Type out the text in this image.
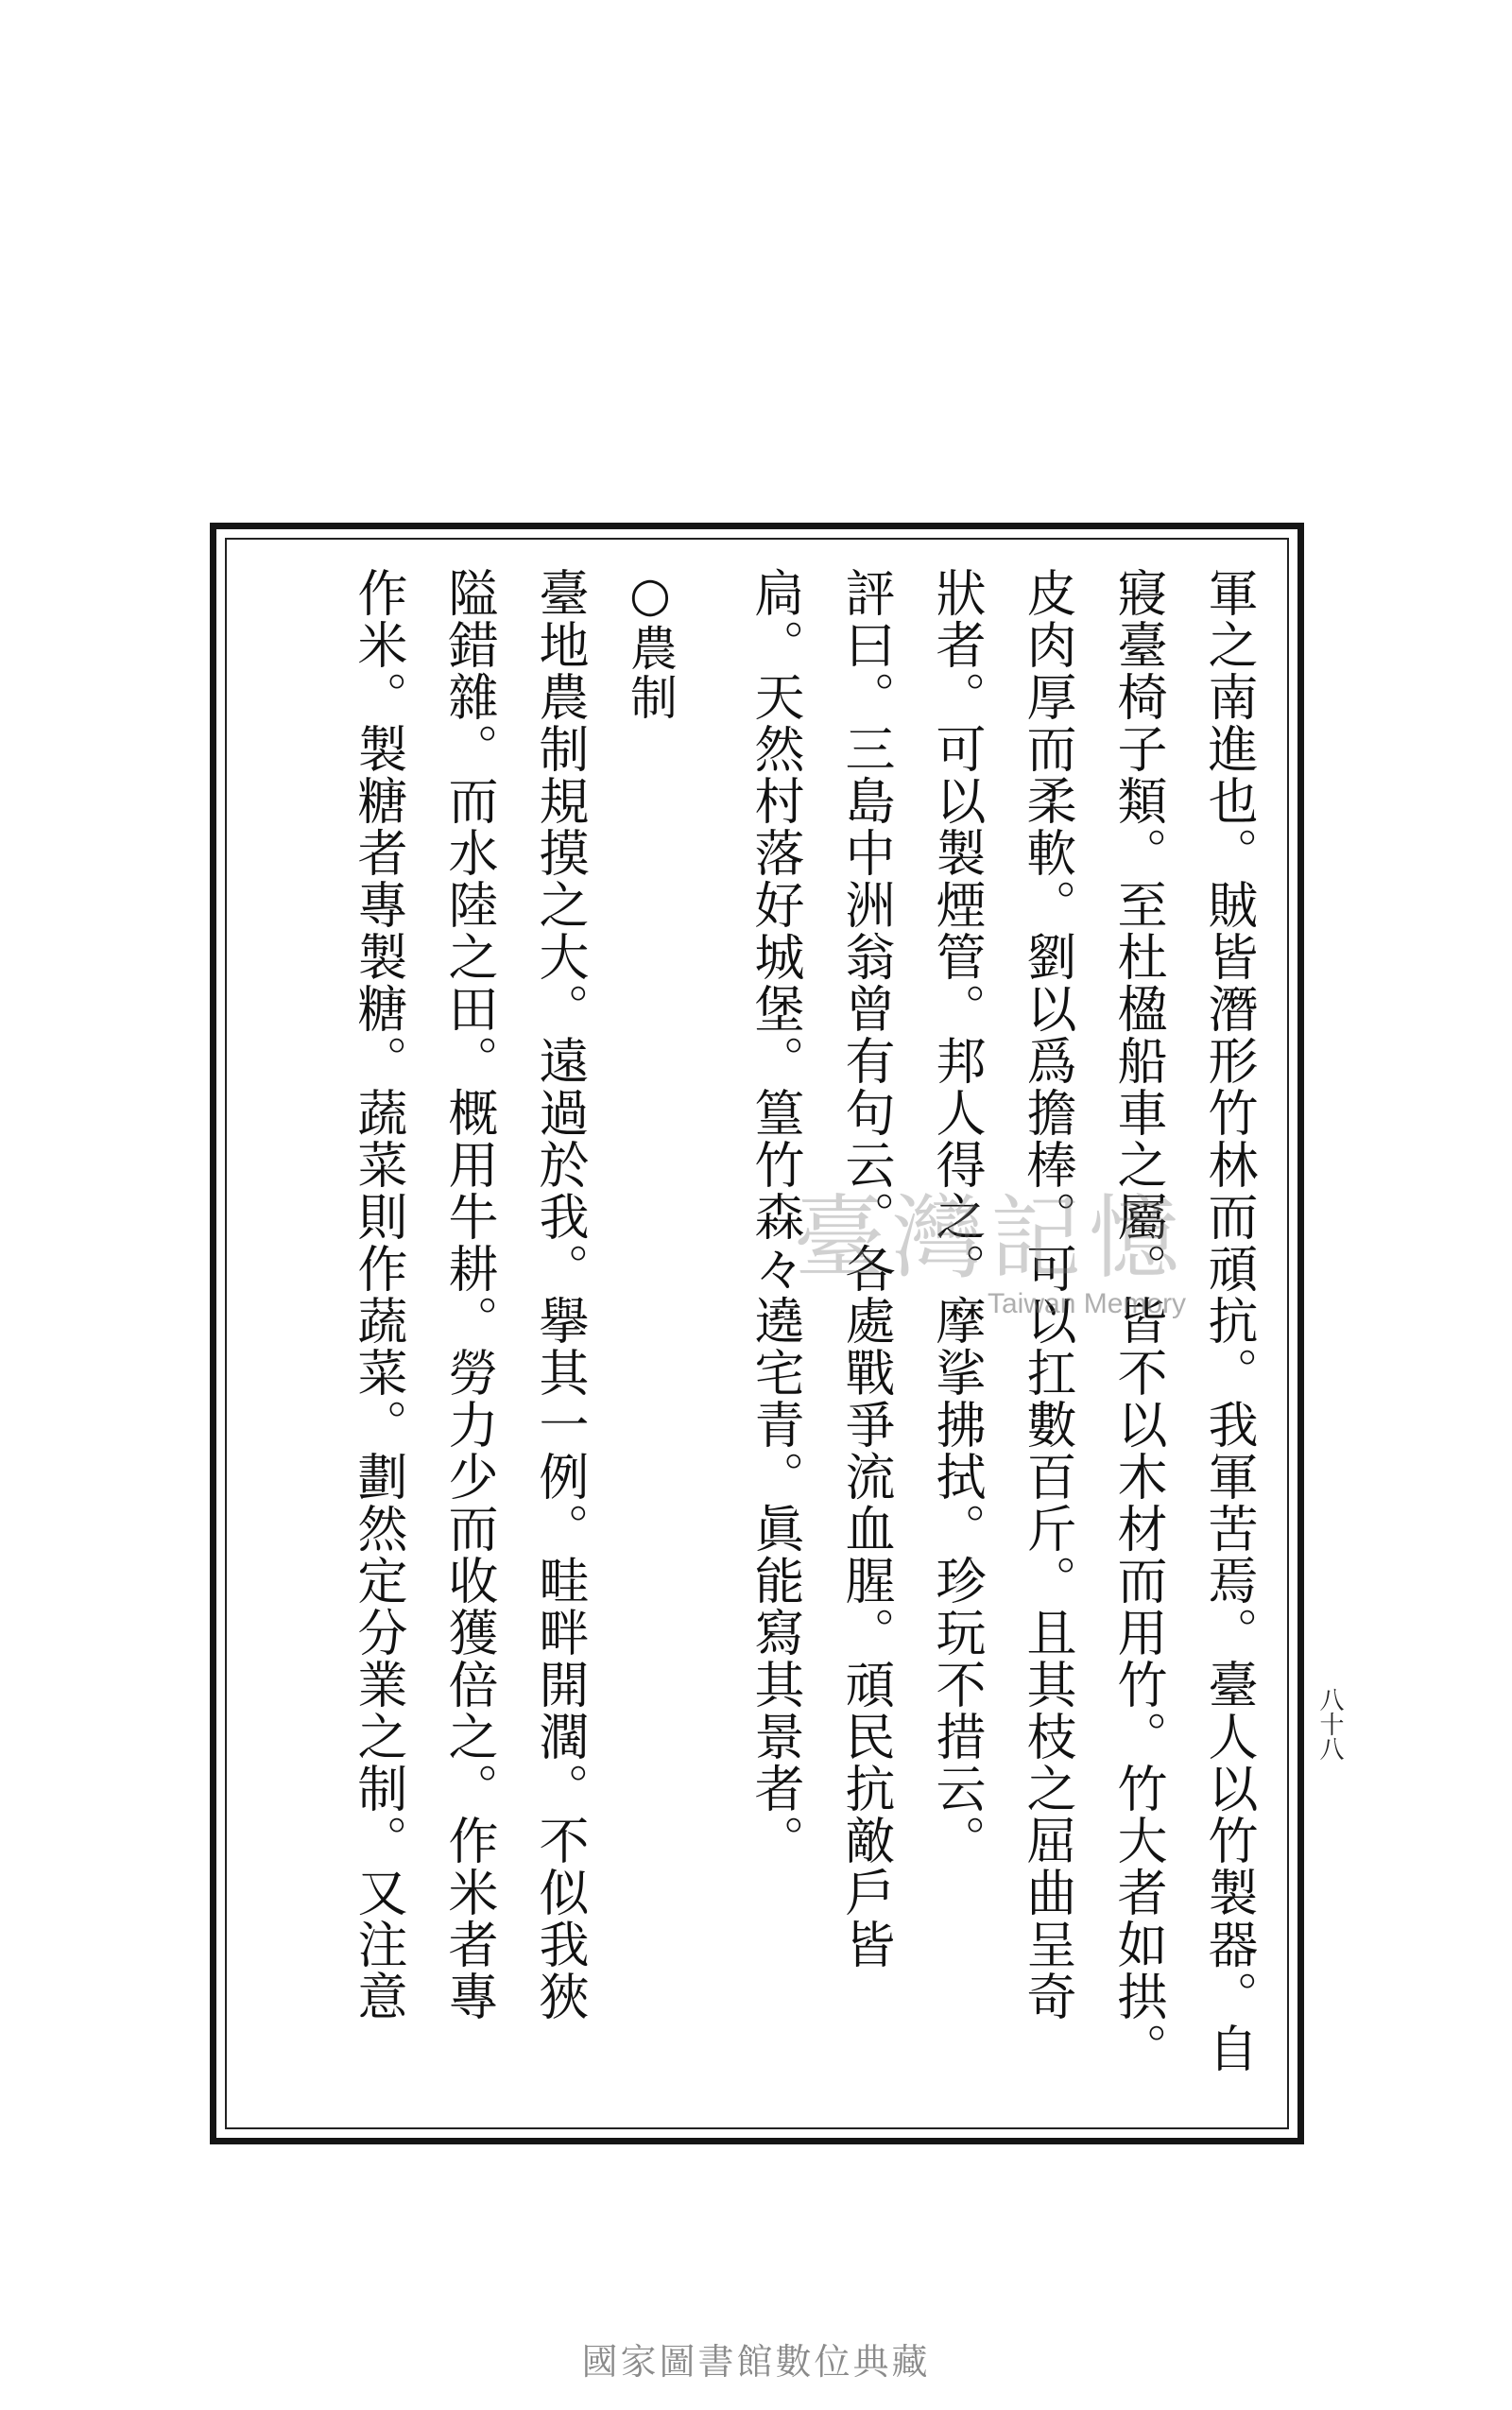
軍之南進也。賊皆潛形竹林而頑抗。我軍苦焉。臺人以竹製器。自
寢臺椅子類。至杜楹船車之屬。皆不以木材而用竹。竹大者如拱。
皮肉厚而柔軟。劉以爲擔棒。可以扛數百斤。且其枝之屈曲呈奇
狀者。可以製煙管。邦人得之。摩挲拂拭。珍玩不措云。
評曰。三島中洲翁曾有句云。各處戰爭流血腥。頑民抗敵戶皆
扃。天然村落好城堡。篁竹森々遶宅青。眞能寫其景者。
○農制
臺地農制規摸之大。遠過於我。擧其一例。畦畔開濶。不似我狹
隘錯雜。而水陸之田。概用牛耕。勞力少而收獲倍之。作米者專
作米。製糖者專製糖。蔬菜則作蔬菜。劃然定分業之制。又注意	八十八
臺灣記憶
Taiwan Memory
國家圖書館數位典藏
